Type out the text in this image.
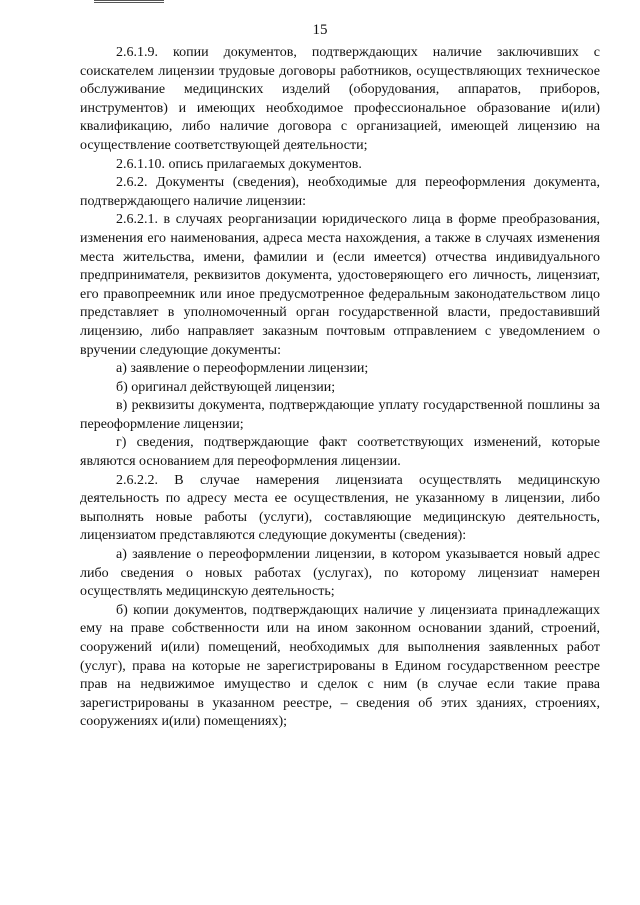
15

2.6.1.9. копии документов, подтверждающих наличие заключивших с соискателем лицензии трудовые договоры работников, осуществляющих техническое обслуживание медицинских изделий (оборудования, аппаратов, приборов, инструментов) и имеющих необходимое профессиональное образование и(или) квалификацию, либо наличие договора с организацией, имеющей лицензию на осуществление соответствующей деятельности;

2.6.1.10. опись прилагаемых документов.

2.6.2. Документы (сведения), необходимые для переоформления документа, подтверждающего наличие лицензии:

2.6.2.1. в случаях реорганизации юридического лица в форме преобразования, изменения его наименования, адреса места нахождения, а также в случаях изменения места жительства, имени, фамилии и (если имеется) отчества индивидуального предпринимателя, реквизитов документа, удостоверяющего его личность, лицензиат, его правопреемник или иное предусмотренное федеральным законодательством лицо представляет в уполномоченный орган государственной власти, предоставивший лицензию, либо направляет заказным почтовым отправлением с уведомлением о вручении следующие документы:

а) заявление о переоформлении лицензии;

б) оригинал действующей лицензии;

в) реквизиты документа, подтверждающие уплату государственной пошлины за переоформление лицензии;

г) сведения, подтверждающие факт соответствующих изменений, которые являются основанием для переоформления лицензии.

2.6.2.2. В случае намерения лицензиата осуществлять медицинскую деятельность по адресу места ее осуществления, не указанному в лицензии, либо выполнять новые работы (услуги), составляющие медицинскую деятельность, лицензиатом представляются следующие документы (сведения):

а) заявление о переоформлении лицензии, в котором указывается новый адрес либо сведения о новых работах (услугах), по которому лицензиат намерен осуществлять медицинскую деятельность;

б) копии документов, подтверждающих наличие у лицензиата принадлежащих ему на праве собственности или на ином законном основании зданий, строений, сооружений и(или) помещений, необходимых для выполнения заявленных работ (услуг), права на которые не зарегистрированы в Едином государственном реестре прав на недвижимое имущество и сделок с ним (в случае если такие права зарегистрированы в указанном реестре, – сведения об этих зданиях, строениях, сооружениях и(или) помещениях);
